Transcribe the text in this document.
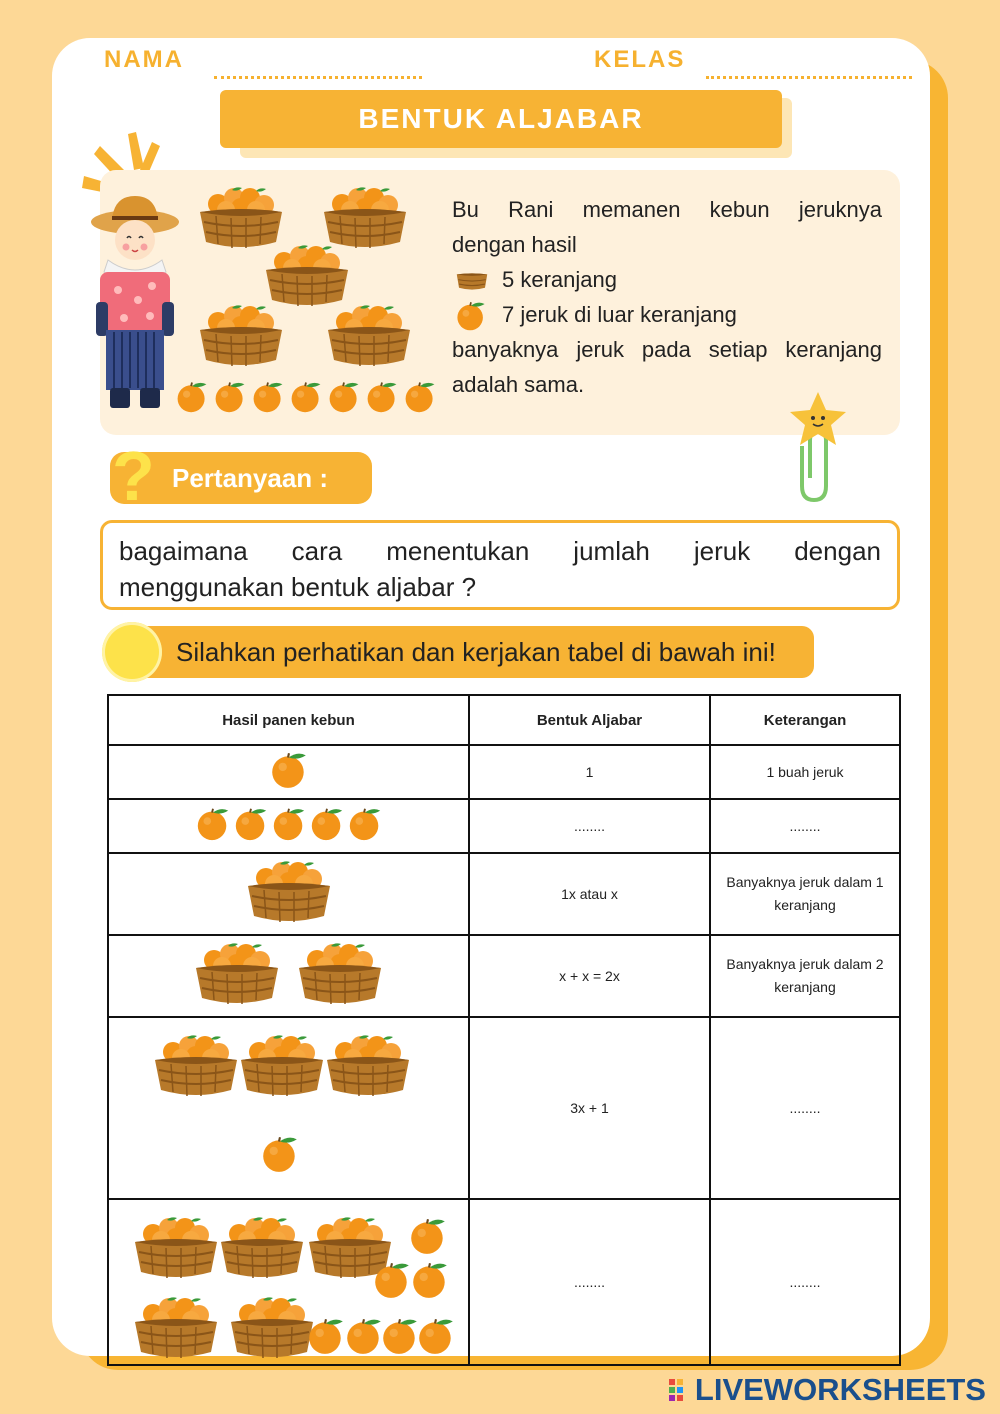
NAMA	KELAS
BENTUK ALJABAR
Bu Rani memanen kebun jeruknya
dengan hasil
5 keranjang
7 jeruk di luar keranjang
banyaknya jeruk pada setiap keranjang
adalah sama.
Pertanyaan :
?
bagaimana cara menentukan jumlah jeruk dengan
menggunakan bentuk aljabar ?
Silahkan perhatikan dan kerjakan tabel di bawah ini!
Hasil panen kebun	Bentuk Aljabar	Keterangan
	1	1 buah jeruk
	........	........
	1x atau x	Banyaknya jeruk dalam 1 keranjang
	x + x = 2x	Banyaknya jeruk dalam 2 keranjang

	3x + 1	........

	........	........
LIVEWORKSHEETS
